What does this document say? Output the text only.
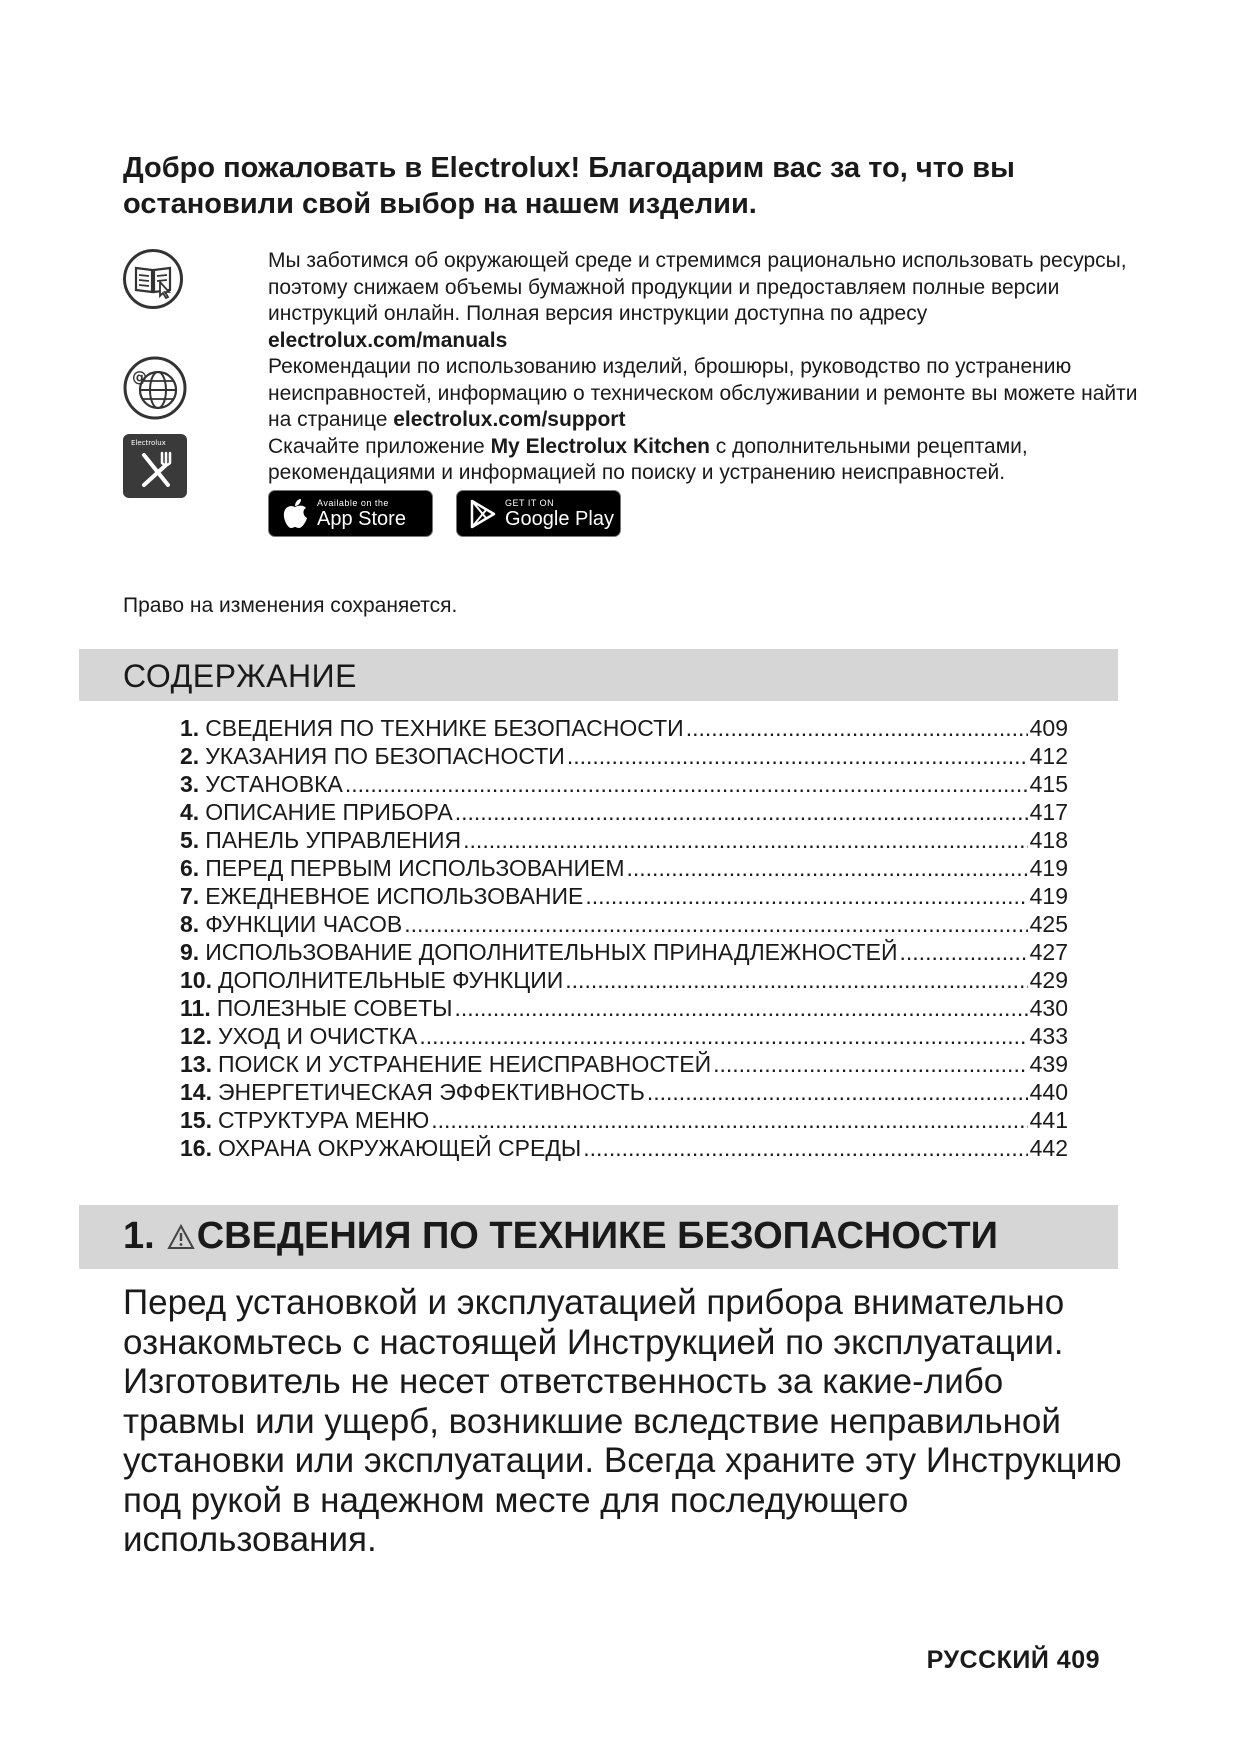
Добро пожаловать в Electrolux! Благодарим вас за то, что вы
остановили свой выбор на нашем изделии.
@
Electrolux

Мы заботимся об окружающей среде и стремимся рационально использовать ресурсы, поэтому снижаем объемы бумажной продукции и предоставляем полные версии инструкций онлайн. Полная версия инструкции доступна по адресу electrolux.com/manuals

Рекомендации по использованию изделий, брошюры, руководство по устранению неисправностей, информацию о техническом обслуживании и ремонте вы можете найти на странице electrolux.com/support

Скачайте приложение My Electrolux Kitchen с дополнительными рецептами, рекомендациями и информацией по поиску и устранению неисправностей.

Available on the
App Store
GET IT ON
Google Play

Право на изменения сохраняется.

СОДЕРЖАНИЕ
1. СВЕДЕНИЯ ПО ТЕХНИКЕ БЕЗОПАСНОСТИ .....	409
2. УКАЗАНИЯ ПО БЕЗОПАСНОСТИ .....	412
3. УСТАНОВКА .....	415
4. ОПИСАНИЕ ПРИБОРА .....	417
5. ПАНЕЛЬ УПРАВЛЕНИЯ .....	418
6. ПЕРЕД ПЕРВЫМ ИСПОЛЬЗОВАНИЕМ .....	419
7. ЕЖЕДНЕВНОЕ ИСПОЛЬЗОВАНИЕ .....	419
8. ФУНКЦИИ ЧАСОВ .....	425
9. ИСПОЛЬЗОВАНИЕ ДОПОЛНИТЕЛЬНЫХ ПРИНАДЛЕЖНОСТЕЙ .....	427
10. ДОПОЛНИТЕЛЬНЫЕ ФУНКЦИИ .....	429
11. ПОЛЕЗНЫЕ СОВЕТЫ .....	430
12. УХОД И ОЧИСТКА .....	433
13. ПОИСК И УСТРАНЕНИЕ НЕИСПРАВНОСТЕЙ .....	439
14. ЭНЕРГЕТИЧЕСКАЯ ЭФФЕКТИВНОСТЬ .....	440
15. СТРУКТУРА МЕНЮ .....	441
16. ОХРАНА ОКРУЖАЮЩЕЙ СРЕДЫ .....	442
1. СВЕДЕНИЯ ПО ТЕХНИКЕ БЕЗОПАСНОСТИ

Перед установкой и эксплуатацией прибора внимательно ознакомьтесь с настоящей Инструкцией по эксплуатации. Изготовитель не несет ответственность за какие-либо травмы или ущерб, возникшие вследствие неправильной установки или эксплуатации. Всегда храните эту Инструкцию под рукой в надежном месте для последующего использования.

РУССКИЙ 409
